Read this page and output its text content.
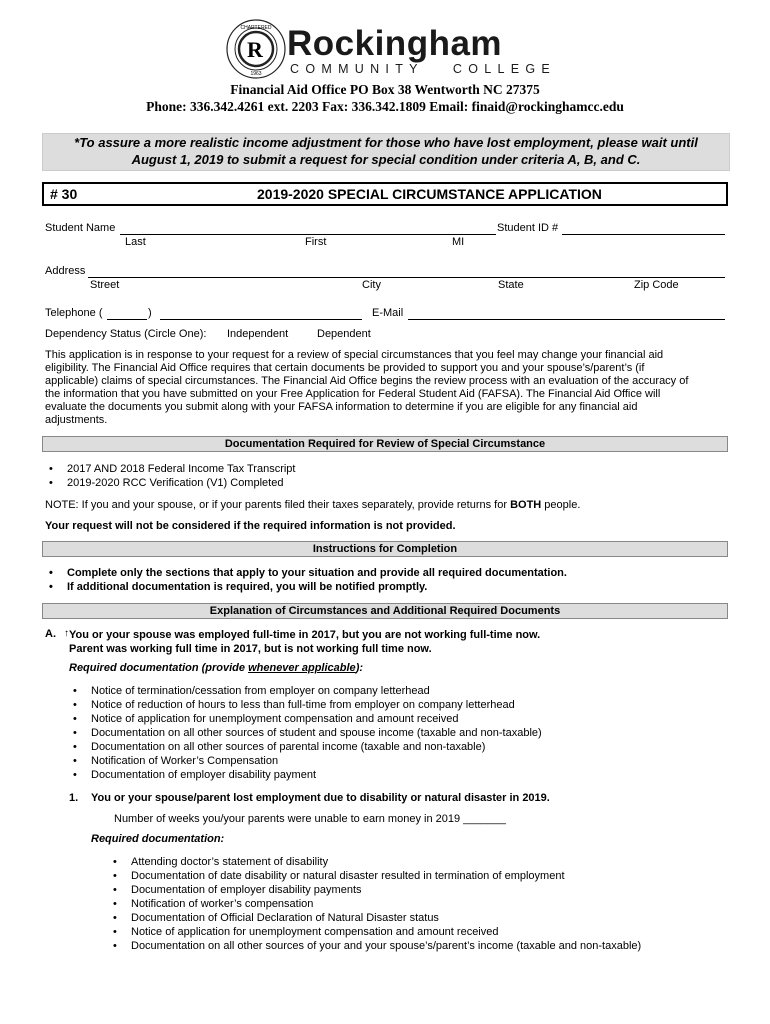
CHARTERED
R
1963
Rockingham
COMMUNITY   COLLEGE
Financial Aid Office PO Box 38 Wentworth NC 27375
Phone: 336.342.4261 ext. 2203 Fax: 336.342.1809 Email: finaid@rockinghamcc.edu
*To assure a more realistic income adjustment for those who have lost employment, please wait until
August 1, 2019 to submit a request for special condition under criteria A, B, and C.
# 30	2019-2020 SPECIAL CIRCUMSTANCE APPLICATION
Student Name	Student ID #
Last	First	MI
Address
Street	City	State	Zip Code
Telephone (	)	E-Mail
Dependency Status (Circle One): Independent	Dependent
This application is in response to your request for a review of special circumstances that you feel may change your financial aid
eligibility. The Financial Aid Office requires that certain documents be provided to support you and your spouse’s/parent’s (if
applicable) claims of special circumstances. The Financial Aid Office begins the review process with an evaluation of the accuracy of
the information that you have submitted on your Free Application for Federal Student Aid (FAFSA). The Financial Aid Office will
evaluate the documents you submit along with your FAFSA information to determine if you are eligible for any financial aid
adjustments.
Documentation Required for Review of Special Circumstance
• 2017 AND 2018 Federal Income Tax Transcript
• 2019-2020 RCC Verification (V1) Completed
NOTE: If you and your spouse, or if your parents filed their taxes separately, provide returns for BOTH people.
Your request will not be considered if the required information is not provided.
Instructions for Completion
• Complete only the sections that apply to your situation and provide all required documentation.
• If additional documentation is required, you will be notified promptly.
Explanation of Circumstances and Additional Required Documents
A. ↑ You or your spouse was employed full-time in 2017, but you are not working full-time now.
Parent was working full time in 2017, but is not working full time now.
Required documentation (provide whenever applicable):
• Notice of termination/cessation from employer on company letterhead
• Notice of reduction of hours to less than full-time from employer on company letterhead
• Notice of application for unemployment compensation and amount received
• Documentation on all other sources of student and spouse income (taxable and non-taxable)
• Documentation on all other sources of parental income (taxable and non-taxable)
• Notification of Worker’s Compensation
• Documentation of employer disability payment
1. You or your spouse/parent lost employment due to disability or natural disaster in 2019.
Number of weeks you/your parents were unable to earn money in 2019 _______
Required documentation:
• Attending doctor’s statement of disability
• Documentation of date disability or natural disaster resulted in termination of employment
• Documentation of employer disability payments
• Notification of worker’s compensation
• Documentation of Official Declaration of Natural Disaster status
• Notice of application for unemployment compensation and amount received
• Documentation on all other sources of your and your spouse’s/parent’s income (taxable and non-taxable)
